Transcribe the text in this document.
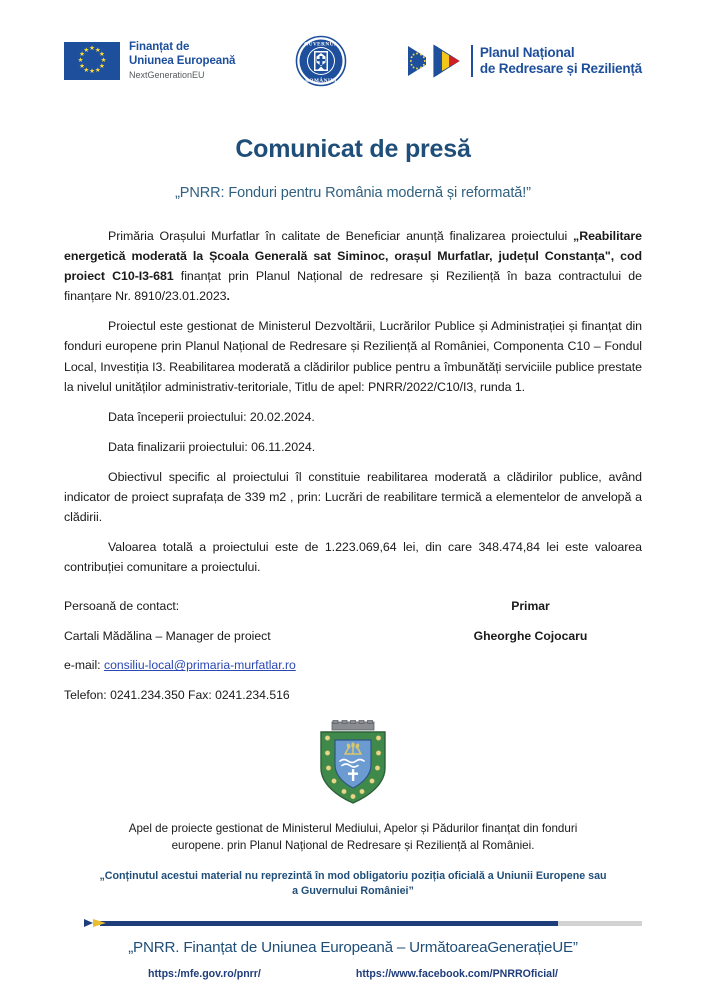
★ ★
★
★
★
★
★
★
★
★
★
★	Finanțat de
Uniunea Europeană
NextGenerationEU
GUVERNUL
ROMÂNIEI
Planul Național
de Redresare și Reziliență
Comunicat de presă
„PNRR: Fonduri pentru România modernă și reformată!”

Primăria Orașului Murfatlar în calitate de Beneficiar anunță finalizarea proiectului „Reabilitare energetică moderată la Școala Generală sat Siminoc, orașul Murfatlar, județul Constanța", cod proiect C10-I3-681 finanțat prin Planul Național de redresare și Reziliență în baza contractului de finanțare Nr. 8910/23.01.2023.

Proiectul este gestionat de Ministerul Dezvoltării, Lucrărilor Publice și Administrației și finanțat din fonduri europene prin Planul Național de Redresare și Reziliență al României, Componenta C10 – Fondul Local, Investiția I3. Reabilitarea moderată a clădirilor publice pentru a îmbunătăți serviciile publice prestate la nivelul unităților administrativ-teritoriale, Titlu de apel: PNRR/2022/C10/I3, runda 1.

Data începerii proiectului: 20.02.2024.

Data finalizarii proiectului: 06.11.2024.

Obiectivul specific al proiectului îl constituie reabilitarea moderată a clădirilor publice, având indicator de proiect suprafața de 339 m2 , prin: Lucrări de reabilitare termică a elementelor de anvelopă a clădirii.

Valoarea totală a proiectului este de 1.223.069,64 lei, din care 348.474,84 lei este valoarea contribuției comunitare a proiectului.

Persoană de contact:	Primar
Cartali Mădălina – Manager de proiect	Gheorghe Cojocaru
e-mail: consiliu-local@primaria-murfatlar.ro
Telefon: 0241.234.350 Fax: 0241.234.516
Apel de proiecte gestionat de Ministerul Mediului, Apelor și Pădurilor finanțat din fonduri
europene. prin Planul Național de Redresare și Reziliență al României.
„Conținutul acestui material nu reprezintă în mod obligatoriu poziția oficială a Uniunii Europene sau
a Guvernului României”
„PNRR. Finanțat de Uniunea Europeană – UrmătoareaGenerațieUE”
https:/mfe.gov.ro/pnrr/	https://www.facebook.com/PNRROficial/
